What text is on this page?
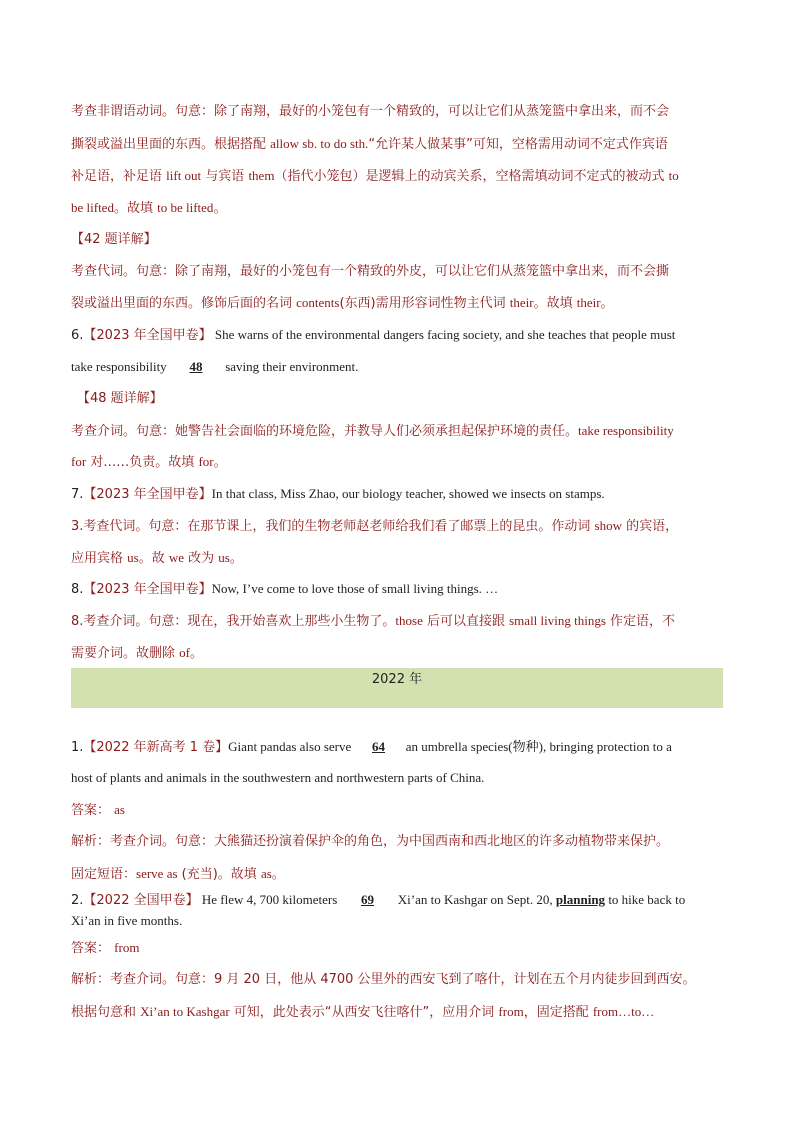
考查非谓语动词。句意：除了南翔，最好的小笼包有一个精致的，可以让它们从蒸笼篮中拿出来，而不会
撕裂或溢出里面的东西。根据搭配 allow sb. to do sth.“允许某人做某事”可知，空格需用动词不定式作宾语
补足语，补足语 lift out 与宾语 them（指代小笼包）是逻辑上的动宾关系，空格需填动词不定式的被动式 to
be lifted。故填 to be lifted。
【42 题详解】
考查代词。句意：除了南翔，最好的小笼包有一个精致的外皮，可以让它们从蒸笼篮中拿出来，而不会撕
裂或溢出里面的东西。修饰后面的名词 contents(东西)需用形容词性物主代词 their。故填 their。
6.【2023 年全国甲卷】 She warns of the environmental dangers facing society, and she teaches that people must
take responsibility 48 saving their environment.
【48 题详解】
考查介词。句意：她警告社会面临的环境危险，并教导人们必须承担起保护环境的责任。take responsibility
for 对……负责。故填 for。
7.【2023 年全国甲卷】In that class, Miss Zhao, our biology teacher, showed we insects on stamps.
3.考查代词。句意：在那节课上，我们的生物老师赵老师给我们看了邮票上的昆虫。作动词 show 的宾语，
应用宾格 us。故 we 改为 us。
8.【2023 年全国甲卷】Now, I’ve come to love those of small living things. …
8.考查介词。句意：现在，我开始喜欢上那些小生物了。those 后可以直接跟 small living things 作定语，不
需要介词。故删除 of。
2022 年
1.【2022 年新高考 1 卷】Giant pandas also serve 64 an umbrella species(物种), bringing protection to a
host of plants and animals in the southwestern and northwestern parts of China.
答案： as
解析：考查介词。句意：大熊猫还扮演着保护伞的角色，为中国西南和西北地区的许多动植物带来保护。
固定短语：serve as (充当)。故填 as。
2.【2022 全国甲卷】 He flew 4, 700 kilometers 69 Xi’an to Kashgar on Sept. 20, planning to hike back to
Xi’an in five months.
答案： from
解析：考查介词。句意：9 月 20 日，他从 4700 公里外的西安飞到了喀什，计划在五个月内徒步回到西安。
根据句意和 Xi’an to Kashgar 可知，此处表示“从西安飞往喀什”，应用介词 from，固定搭配 from…to…
